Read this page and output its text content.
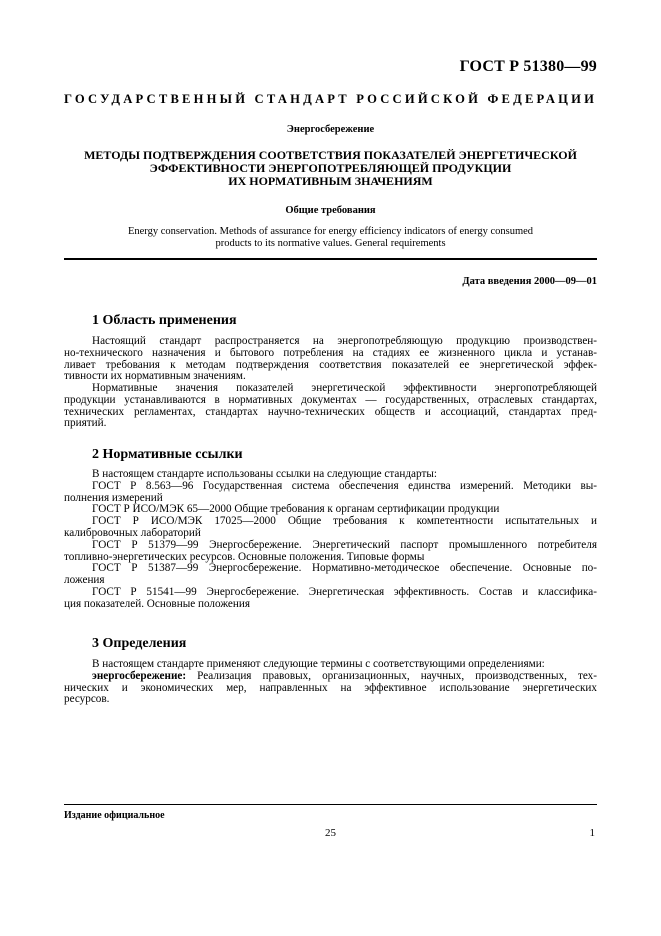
ГОСТ Р 51380—99
ГОСУДАРСТВЕННЫЙ СТАНДАРТ РОССИЙСКОЙ ФЕДЕРАЦИИ
Энергосбережение
МЕТОДЫ ПОДТВЕРЖДЕНИЯ СООТВЕТСТВИЯ ПОКАЗАТЕЛЕЙ ЭНЕРГЕТИЧЕСКОЙ
ЭФФЕКТИВНОСТИ ЭНЕРГОПОТРЕБЛЯЮЩЕЙ ПРОДУКЦИИ
ИХ НОРМАТИВНЫМ ЗНАЧЕНИЯМ
Общие требования
Energy conservation. Methods of assurance for energy efficiency indicators of energy consumed
products to its normative values. General requirements
Дата введения 2000—09—01
1 Область применения
Настоящий стандарт распространяется на энергопотребляющую продукцию производствен-
но-технического назначения и бытового потребления на стадиях ее жизненного цикла и устанав-
ливает требования к методам подтверждения соответствия показателей ее энергетической эффек-
тивности их нормативным значениям.
Нормативные значения показателей энергетической эффективности энергопотребляющей
продукции устанавливаются в нормативных документах — государственных, отраслевых стандартах,
технических регламентах, стандартах научно-технических обществ и ассоциаций, стандартах пред-
приятий.
2 Нормативные ссылки
В настоящем стандарте использованы ссылки на следующие стандарты:
ГОСТ Р 8.563—96 Государственная система обеспечения единства измерений. Методики вы-
полнения измерений
ГОСТ Р ИСО/МЭК 65—2000 Общие требования к органам сертификации продукции
ГОСТ Р ИСО/МЭК 17025—2000 Общие требования к компетентности испытательных и
калибровочных лабораторий
ГОСТ Р 51379—99 Энергосбережение. Энергетический паспорт промышленного потребителя
топливно-энергетических ресурсов. Основные положения. Типовые формы
ГОСТ Р 51387—99 Энергосбережение. Нормативно-методическое обеспечение. Основные по-
ложения
ГОСТ Р 51541—99 Энергосбережение. Энергетическая эффективность. Состав и классифика-
ция показателей. Основные положения
3 Определения
В настоящем стандарте применяют следующие термины с соответствующими определениями:
энергосбережение: Реализация правовых, организационных, научных, производственных, тех-
нических и экономических мер, направленных на эффективное использование энергетических
ресурсов.
Издание официальное
25	1
